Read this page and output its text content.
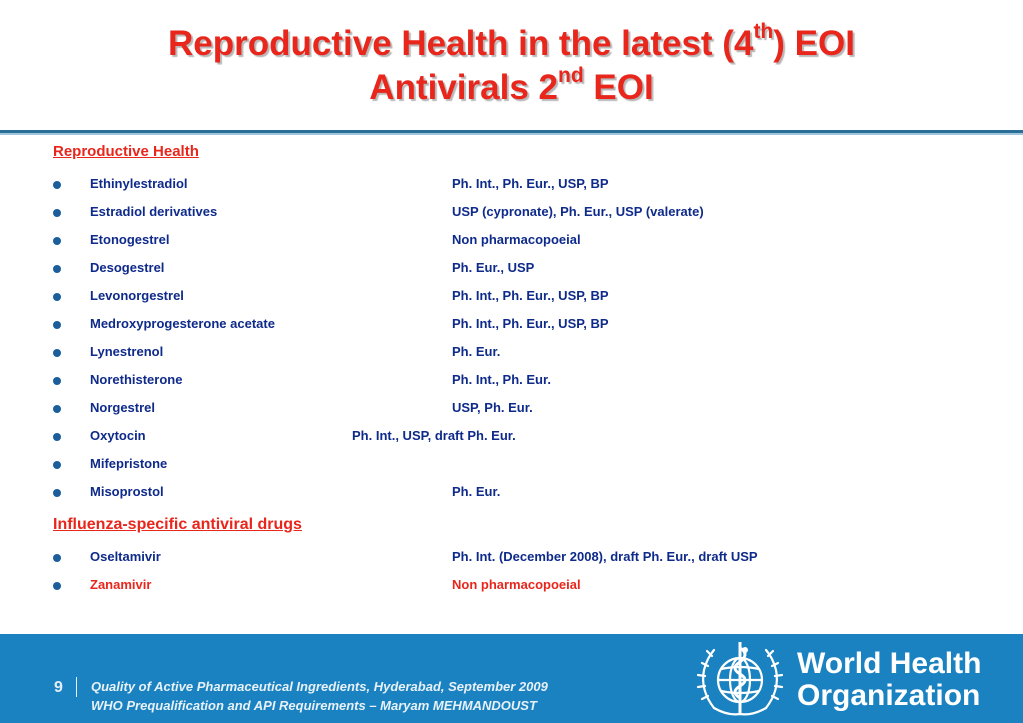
Reproductive Health in the latest (4th) EOI
Antivirals 2nd EOI
Reproductive Health
Ethinylestradiol	Ph. Int., Ph. Eur., USP, BP
Estradiol derivatives	USP (cypronate), Ph. Eur., USP (valerate)
Etonogestrel	Non pharmacopoeial
Desogestrel	Ph. Eur., USP
Levonorgestrel	Ph. Int., Ph. Eur., USP, BP
Medroxyprogesterone acetate	Ph. Int., Ph. Eur., USP, BP
Lynestrenol	Ph. Eur.
Norethisterone	Ph. Int., Ph. Eur.
Norgestrel	USP, Ph. Eur.
Oxytocin	Ph. Int., USP, draft Ph. Eur.
Mifepristone
Misoprostol	Ph. Eur.
Influenza-specific antiviral drugs
Oseltamivir	Ph. Int. (December 2008), draft Ph. Eur., draft USP
Zanamivir	Non pharmacopoeial
9 Quality of Active Pharmaceutical Ingredients, Hyderabad, September 2009
WHO Prequalification and API Requirements – Maryam MEHMANDOUST
World Health
Organization
